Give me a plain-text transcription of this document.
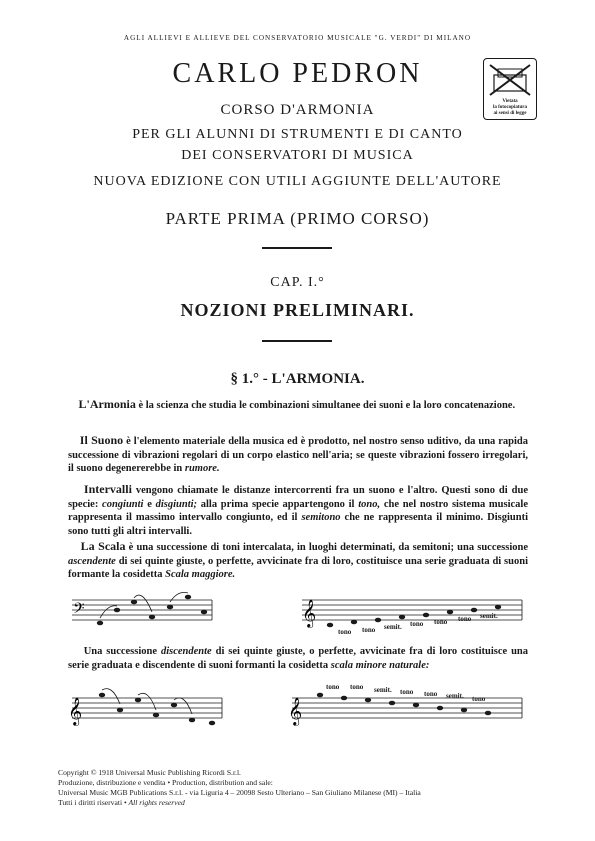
AGLI ALLIEVI E ALLIEVE DEL CONSERVATORIO MUSICALE "G. VERDI" DI MILANO
CARLO PEDRON
CORSO D'ARMONIA
PER GLI ALUNNI DI STRUMENTI E DI CANTO
DEI CONSERVATORI DI MUSICA
NUOVA EDIZIONE CON UTILI AGGIUNTE DELL'AUTORE
PARTE PRIMA (PRIMO CORSO)
Vietata
la fotocopiatura
ai sensi di legge
CAP. I.°
NOZIONI PRELIMINARI.
§ 1.° - L'ARMONIA.
L'Armonia è la scienza che studia le combinazioni simultanee dei suoni e la loro concatenazione.
Il Suono è l'elemento materiale della musica ed è prodotto, nel nostro senso uditivo, da una rapida successione di vibrazioni regolari di un corpo elastico nell'aria; se queste vibrazioni fossero irregolari, il suono degenererebbe in rumore.
Intervalli vengono chiamate le distanze intercorrenti fra un suono e l'altro. Questi sono di due specie: congiunti e disgiunti; alla prima specie appartengono il tono, che nel nostro sistema musicale rappresenta il massimo intervallo congiunto, ed il semitono che ne rappresenta il minimo. Disgiunti sono tutti gli altri intervalli.
La Scala è una successione di toni intercalata, in luoghi determinati, da semitoni; una successione ascendente di sei quinte giuste, o perfette, avvicinate fra di loro, costituisce una serie graduata di suoni formante la cosidetta Scala maggiore.
𝄢	𝄞
tono tono semit. tono tono tono semit.
Una successione discendente di sei quinte giuste, o perfette, avvicinate fra di loro costituisce una serie graduata e discendente di suoni formanti la cosidetta scala minore naturale:
𝄞	𝄞
tono tono semit. tono tono semit. tono
Copyright © 1918 Universal Music Publishing Ricordi S.r.l.
Produzione, distribuzione e vendita • Production, distribution and sale:
Universal Music MGB Publications S.r.l. - via Liguria 4 – 20098 Sesto Ulteriano – San Giuliano Milanese (MI) – Italia
Tutti i diritti riservati • All rights reserved
